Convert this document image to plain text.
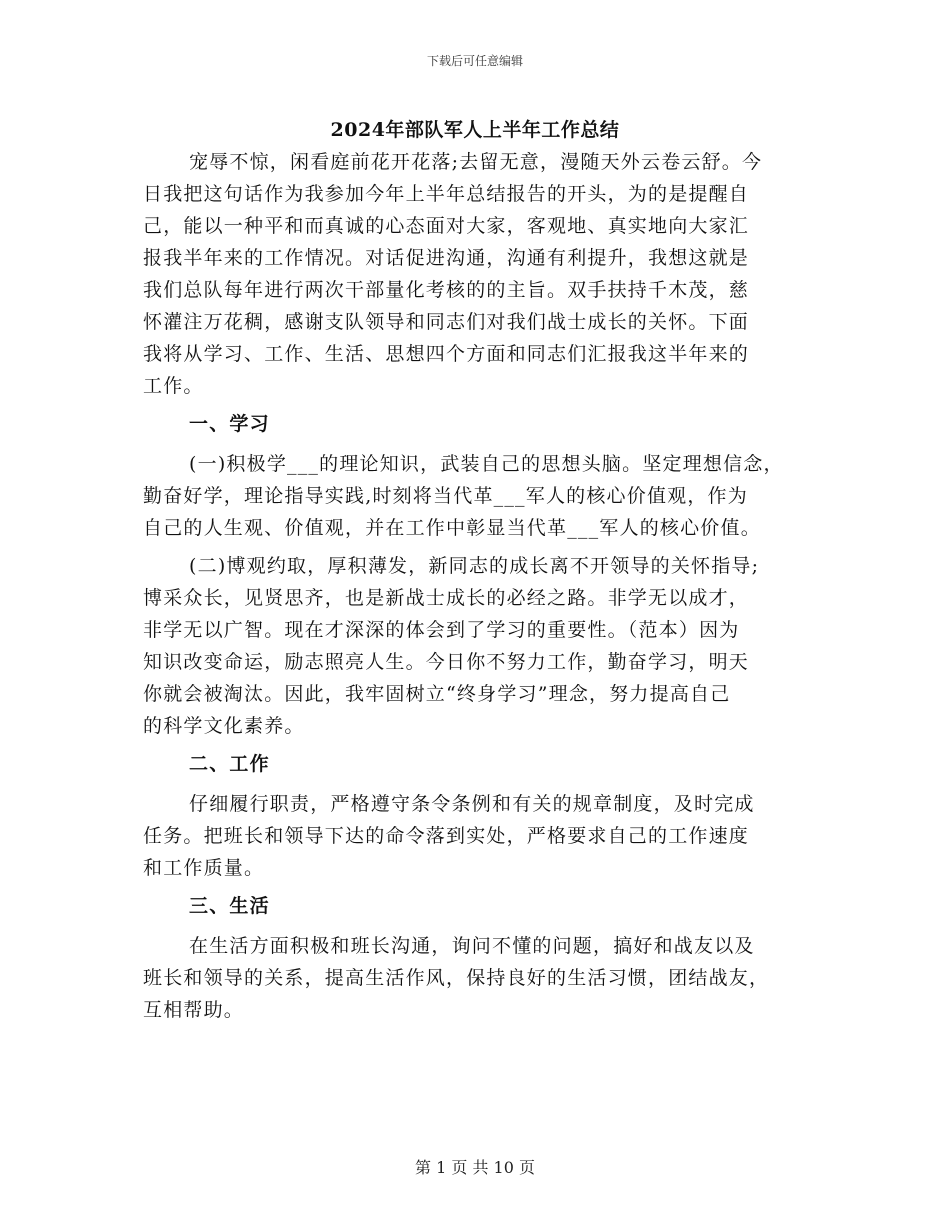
下载后可任意编辑
2024年部队军人上半年工作总结
宠辱不惊，闲看庭前花开花落;去留无意，漫随天外云卷云舒。今
日我把这句话作为我参加今年上半年总结报告的开头，为的是提醒自
己，能以一种平和而真诚的心态面对大家，客观地、真实地向大家汇
报我半年来的工作情况。对话促进沟通，沟通有利提升，我想这就是
我们总队每年进行两次干部量化考核的的主旨。双手扶持千木茂，慈
怀灌注万花稠，感谢支队领导和同志们对我们战士成长的关怀。下面
我将从学习、工作、生活、思想四个方面和同志们汇报我这半年来的
工作。
一、学习
(一)积极学___的理论知识，武装自己的思想头脑。坚定理想信念，
勤奋好学，理论指导实践,时刻将当代革___军人的核心价值观，作为
自己的人生观、价值观，并在工作中彰显当代革___军人的核心价值。
(二)博观约取，厚积薄发，新同志的成长离不开领导的关怀指导;
博采众长，见贤思齐，也是新战士成长的必经之路。非学无以成才，
非学无以广智。现在才深深的体会到了学习的重要性。（范本）因为
知识改变命运，励志照亮人生。今日你不努力工作，勤奋学习，明天
你就会被淘汰。因此，我牢固树立“终身学习”理念，努力提高自己
的科学文化素养。
二、工作
仔细履行职责，严格遵守条令条例和有关的规章制度，及时完成
任务。把班长和领导下达的命令落到实处，严格要求自己的工作速度
和工作质量。
三、生活
在生活方面积极和班长沟通，询问不懂的问题，搞好和战友以及
班长和领导的关系，提高生活作风，保持良好的生活习惯，团结战友，
互相帮助。
第 1 页 共 10 页
